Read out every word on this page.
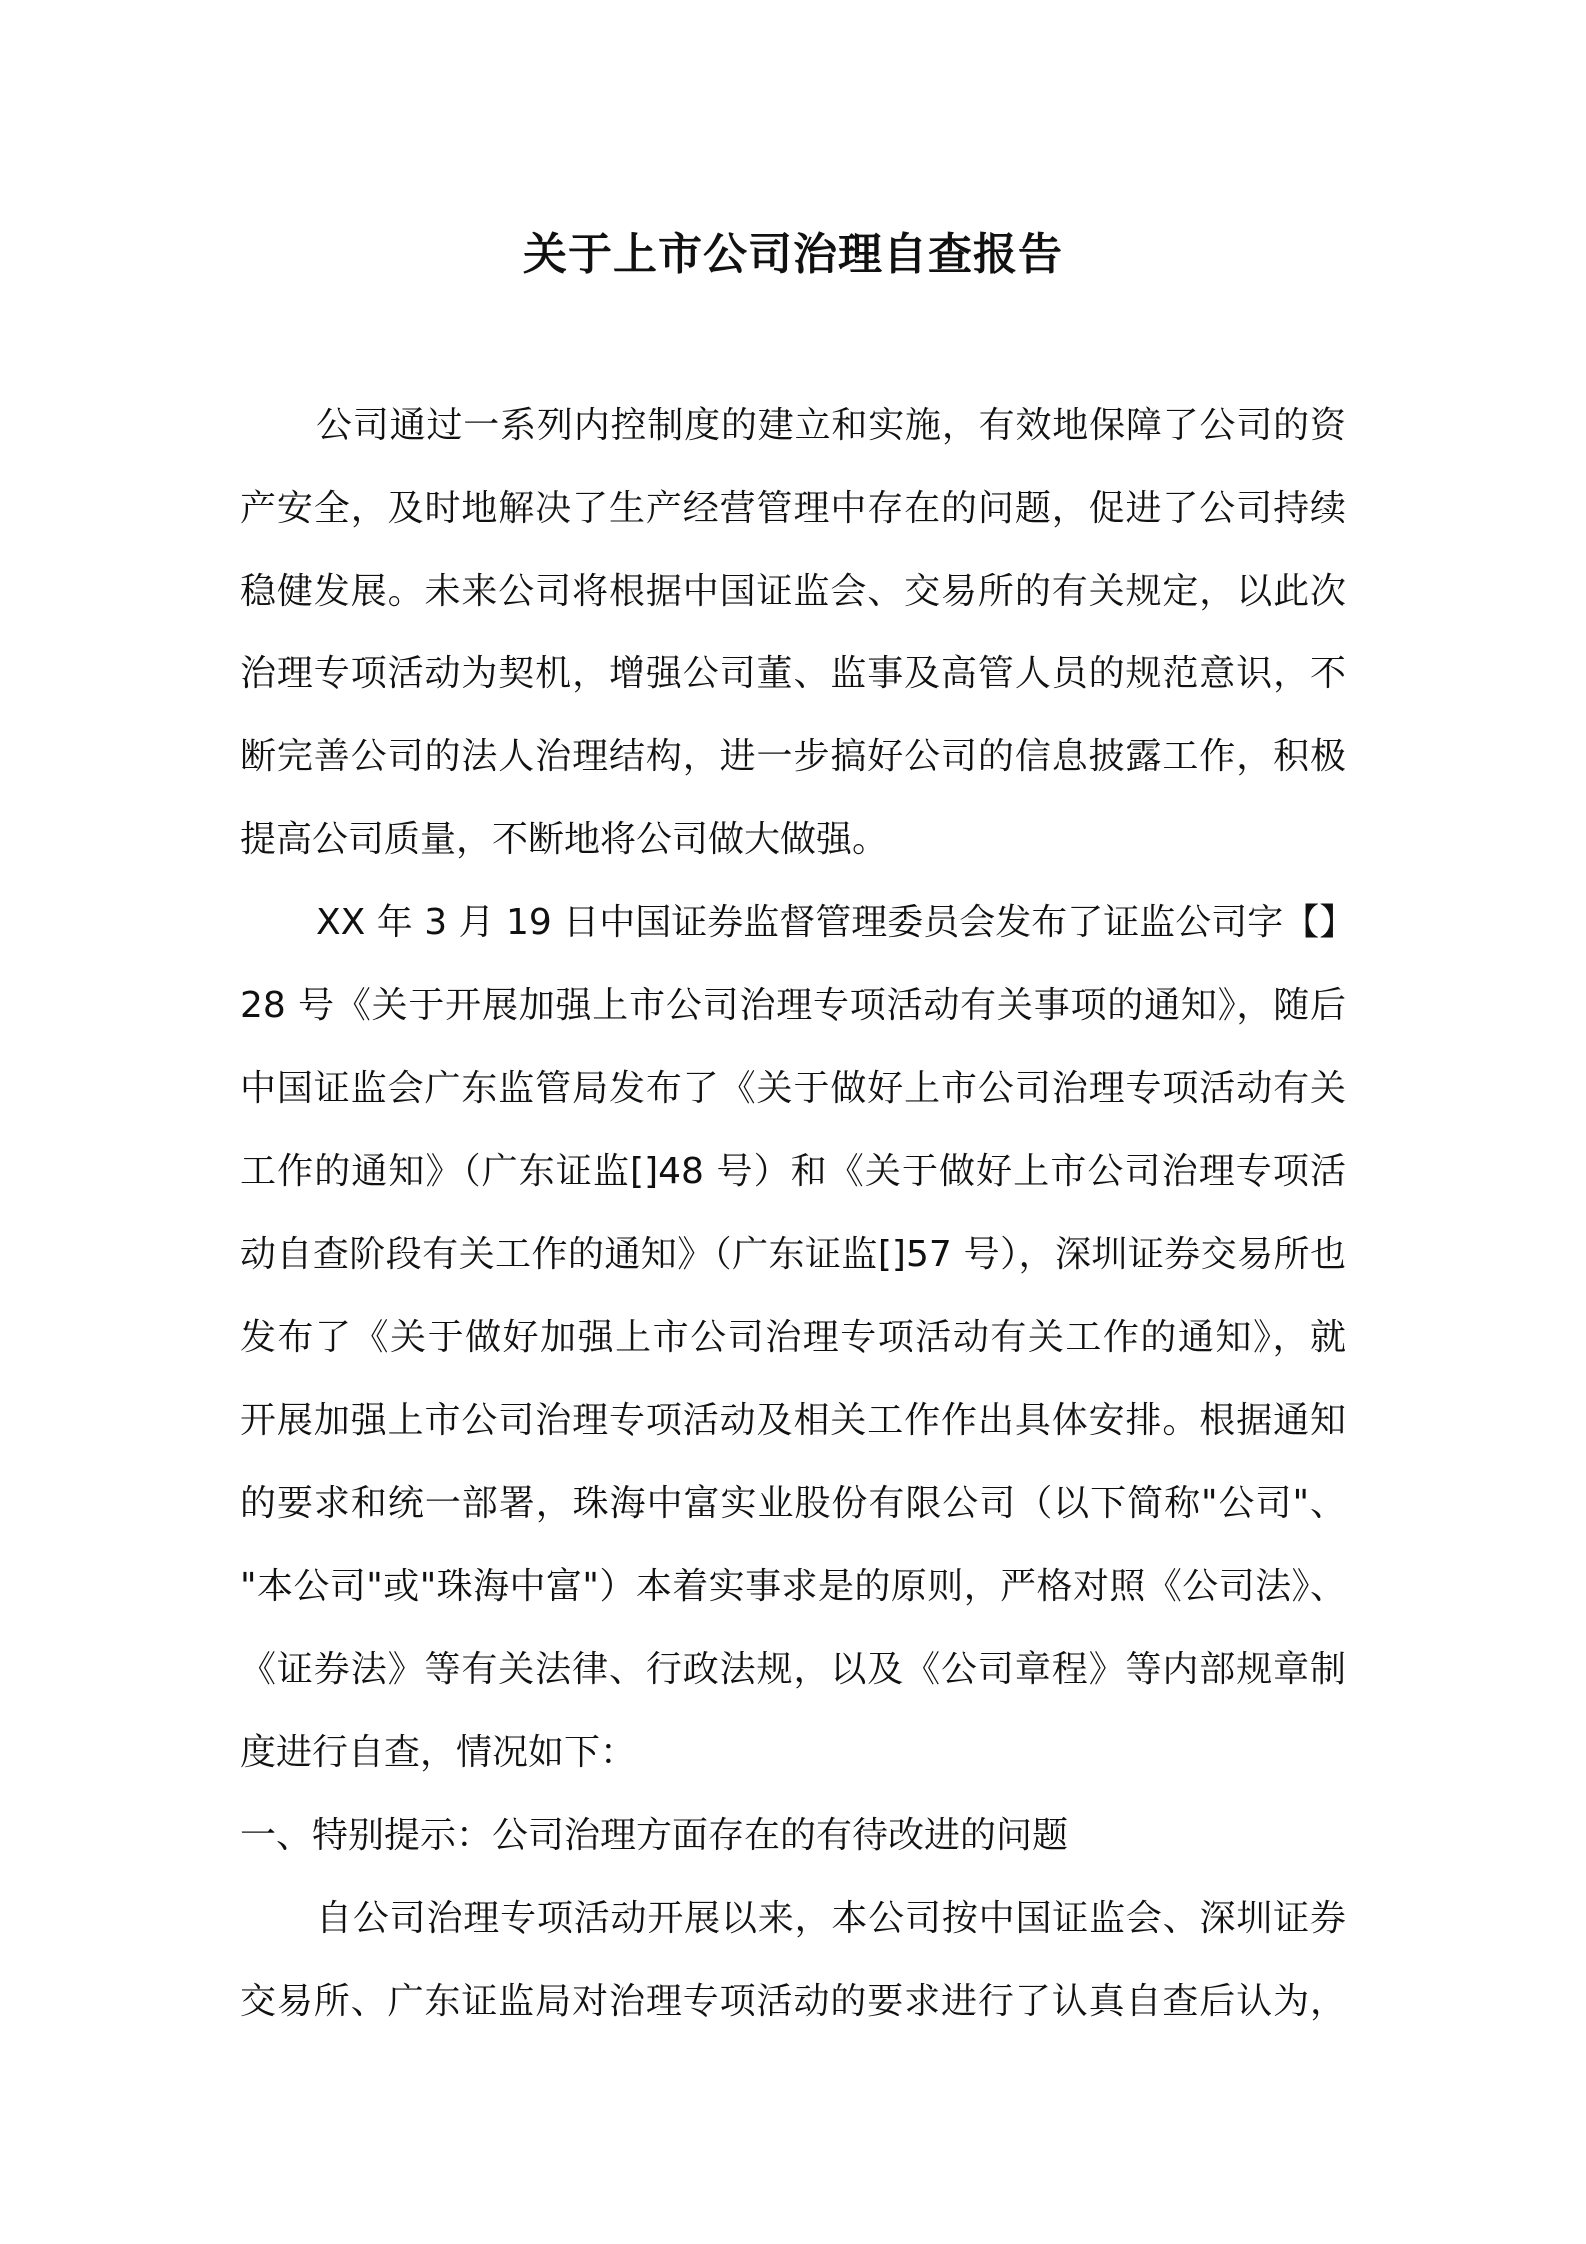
关于上市公司治理自查报告
公司通过一系列内控制度的建立和实施，有效地保障了公司的资
产安全，及时地解决了生产经营管理中存在的问题，促进了公司持续
稳健发展。未来公司将根据中国证监会、交易所的有关规定，以此次
治理专项活动为契机，增强公司董、监事及高管人员的规范意识，不
断完善公司的法人治理结构，进一步搞好公司的信息披露工作，积极
提高公司质量，不断地将公司做大做强。
XX 年 3 月 19 日中国证券监督管理委员会发布了证监公司字【】
28 号《关于开展加强上市公司治理专项活动有关事项的通知》，随后
中国证监会广东监管局发布了《关于做好上市公司治理专项活动有关
工作的通知》（广东证监[]48 号）和《关于做好上市公司治理专项活
动自查阶段有关工作的通知》（广东证监[]57 号），深圳证券交易所也
发布了《关于做好加强上市公司治理专项活动有关工作的通知》，就
开展加强上市公司治理专项活动及相关工作作出具体安排。根据通知
的要求和统一部署，珠海中富实业股份有限公司（以下简称"公司"、
"本公司"或"珠海中富"）本着实事求是的原则，严格对照《公司法》、
《证券法》等有关法律、行政法规，以及《公司章程》等内部规章制
度进行自查，情况如下：
一、特别提示：公司治理方面存在的有待改进的问题
自公司治理专项活动开展以来，本公司按中国证监会、深圳证券
交易所、广东证监局对治理专项活动的要求进行了认真自查后认为，
